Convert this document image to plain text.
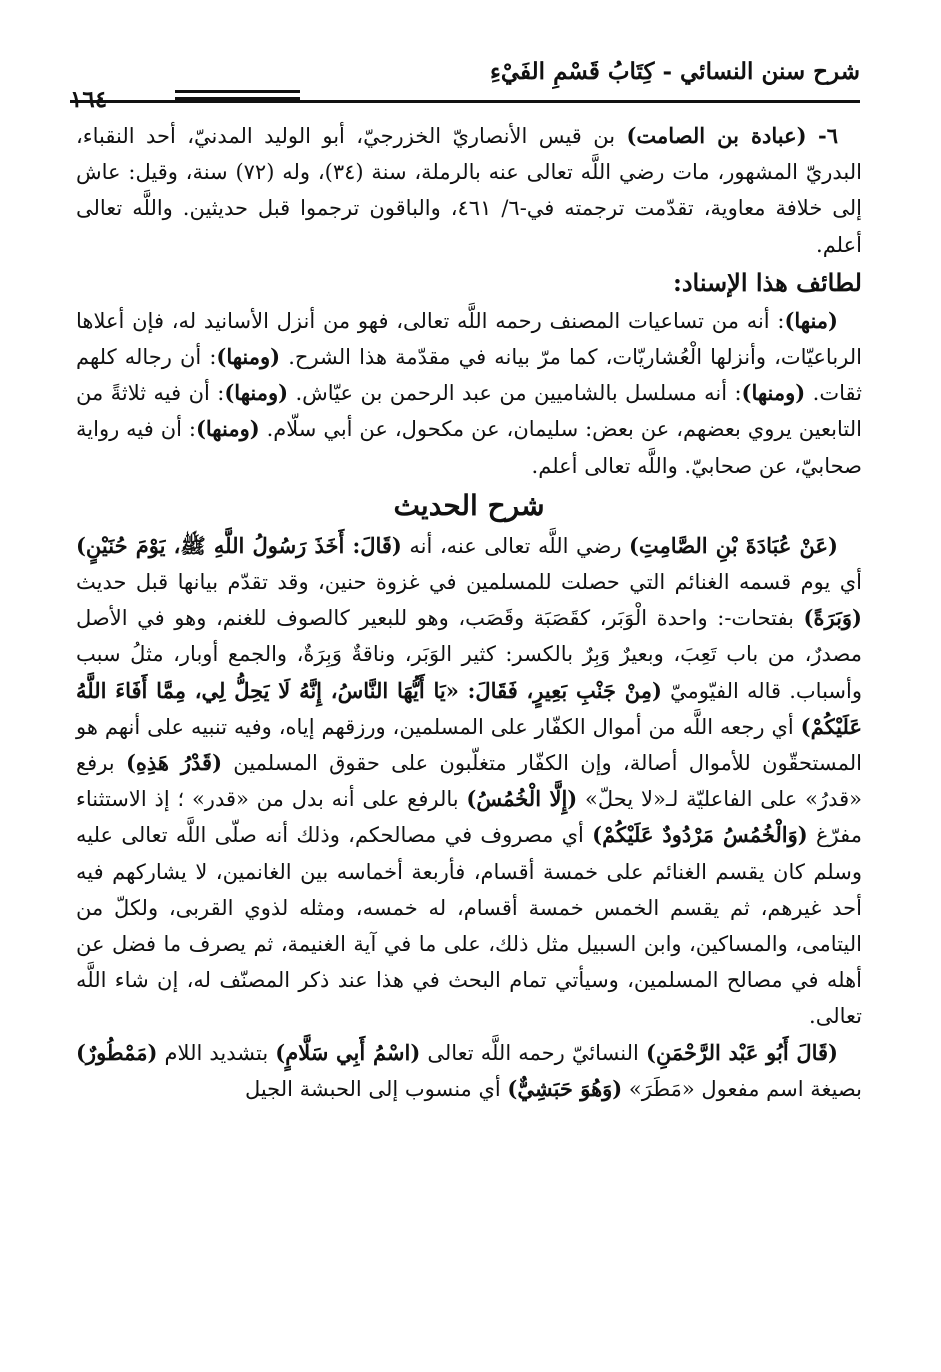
شرح سنن النسائي - كِتَابُ قَسْمِ الفَيْءِ
١٦٤

٦- (عبادة بن الصامت) بن قيس الأنصاريّ الخزرجيّ، أبو الوليد المدنيّ، أحد النقباء، البدريّ المشهور، مات رضي اللَّه تعالى عنه بالرملة، سنة (٣٤)، وله (٧٢) سنة، وقيل: عاش إلى خلافة معاوية، تقدّمت ترجمته في-٦/ ٤٦١، والباقون ترجموا قبل حديثين. واللَّه تعالى أعلم.

لطائف هذا الإسناد:

(منها): أنه من تساعيات المصنف رحمه اللَّه تعالى، فهو من أنزل الأسانيد له، فإن أعلاها الرباعيّات، وأنزلها الْعُشاريّات، كما مرّ بيانه في مقدّمة هذا الشرح. (ومنها): أن رجاله كلهم ثقات. (ومنها): أنه مسلسل بالشاميين من عبد الرحمن بن عيّاش. (ومنها): أن فيه ثلاثةً من التابعين يروي بعضهم، عن بعض: سليمان، عن مكحول، عن أبي سلّام. (ومنها): أن فيه رواية صحابيّ، عن صحابيّ. واللَّه تعالى أعلم.

شرح الحديث

(عَنْ عُبَادَةَ بْنِ الصَّامِتِ) رضي اللَّه تعالى عنه، أنه (قَالَ: أَخَذَ رَسُولُ اللَّهِ ﷺ، يَوْمَ حُنَيْنٍ) أي يوم قسمه الغنائم التي حصلت للمسلمين في غزوة حنين، وقد تقدّم بيانها قبل حديث (وَبَرَةً) بفتحات-: واحدة الْوَبَر، كقَصَبَة وقَصَب، وهو للبعير كالصوف للغنم، وهو في الأصل مصدرٌ، من باب تَعِبَ، وبعيرٌ وَبِرٌ بالكسر: كثير الوَبَر، وناقةٌ وَبِرَةٌ، والجمع أوبار، مثلُ سبب وأسباب. قاله الفيّوميّ (مِنْ جَنْبِ بَعِيرٍ، فَقَالَ: «يَا أَيُّهَا النَّاسُ، إِنَّهُ لَا يَحِلُّ لِي، مِمَّا أَفَاءَ اللَّهُ عَلَيْكُمْ) أي رجعه اللَّه من أموال الكفّار على المسلمين، ورزقهم إياه، وفيه تنبيه على أنهم هو المستحقّون للأموال أصالة، وإن الكفّار متغلّبون على حقوق المسلمين (قَدْرُ هَذِهِ) برفع «قدرُ» على الفاعليّة لـ«لا يحلّ» (إِلَّا الْخُمُسُ) بالرفع على أنه بدل من «قدر» ؛ إذ الاستثناء مفرّغ (وَالْخُمُسُ مَرْدُودٌ عَلَيْكُمْ) أي مصروف في مصالحكم، وذلك أنه صلّى اللَّه تعالى عليه وسلم كان يقسم الغنائم على خمسة أقسام، فأربعة أخماسه بين الغانمين، لا يشاركهم فيه أحد غيرهم، ثم يقسم الخمس خمسة أقسام، له خمسه، ومثله لذوي القربى، ولكلّ من اليتامى، والمساكين، وابن السبيل مثل ذلك، على ما في آية الغنيمة، ثم يصرف ما فضل عن أهله في مصالح المسلمين، وسيأتي تمام البحث في هذا عند ذكر المصنّف له، إن شاء اللَّه تعالى.

(قَالَ أَبُو عَبْد الرَّحْمَنِ) النسائيّ رحمه اللَّه تعالى (اسْمُ أَبِي سَلَّامٍ) بتشديد اللام (مَمْطُورٌ) بصيغة اسم مفعول «مَطَرَ» (وَهُوَ حَبَشِيٌّ) أي منسوب إلى الحبشة الجيل
